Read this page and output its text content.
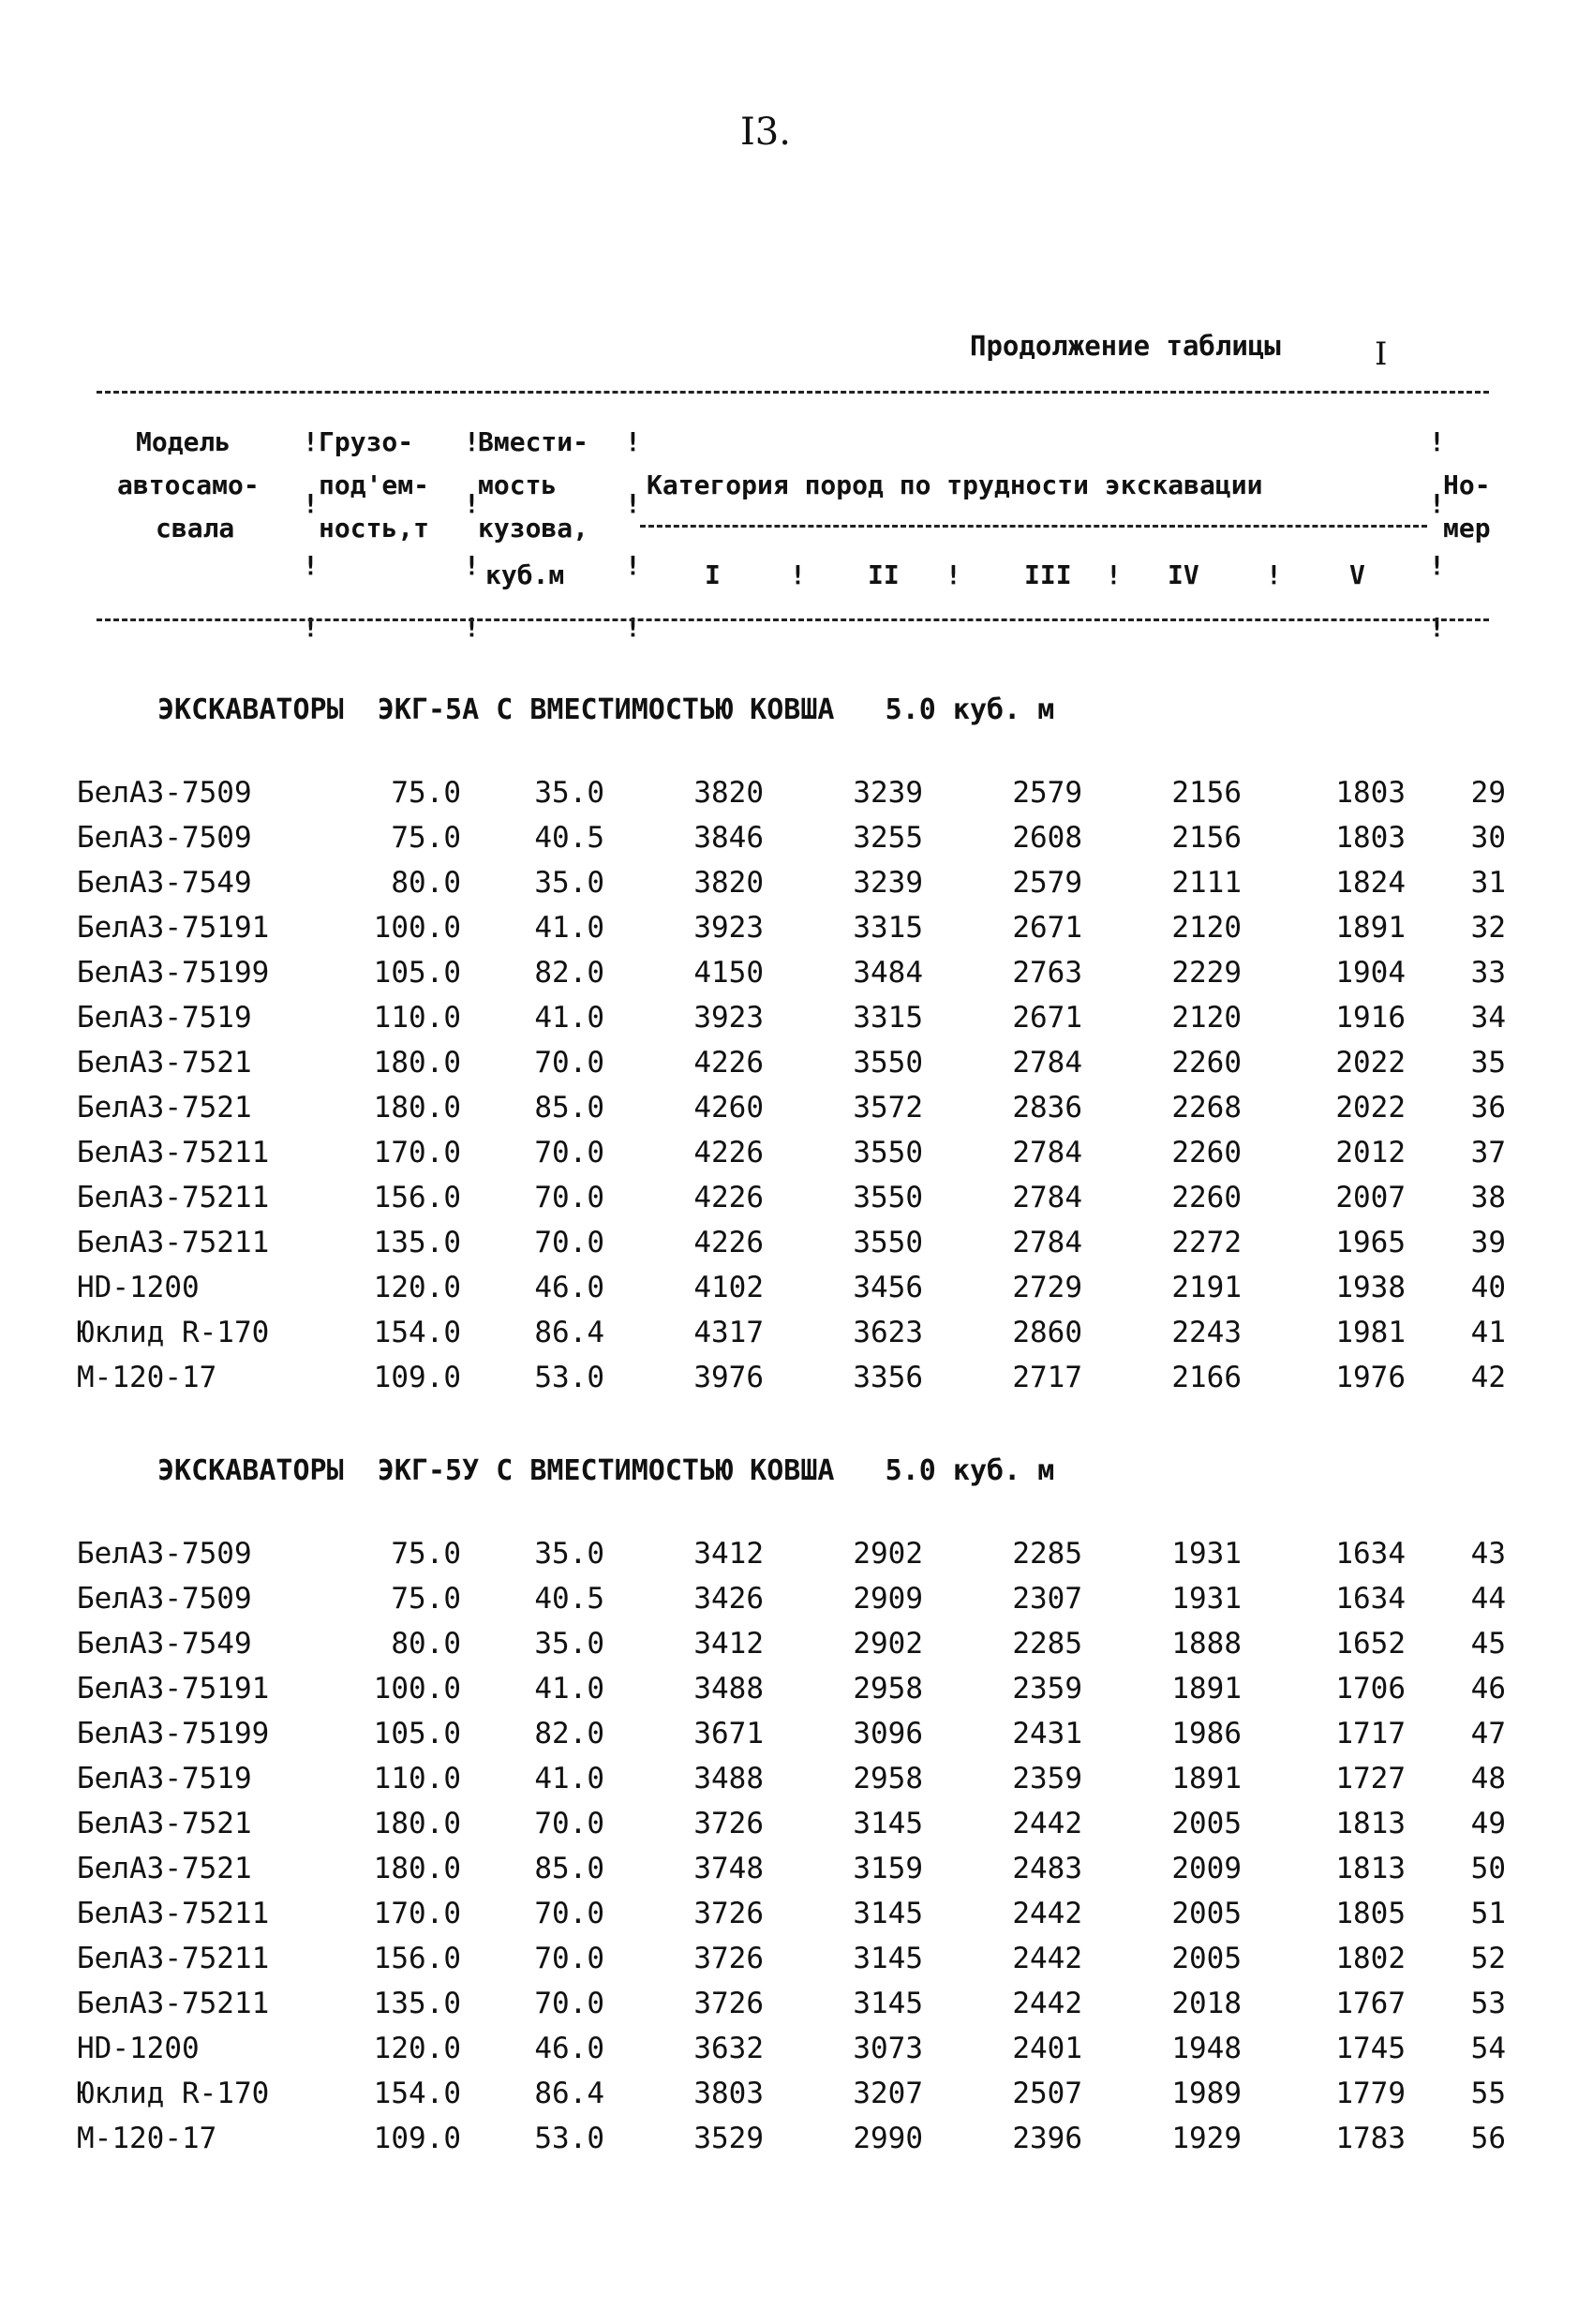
I3.
Продолжение таблицы	I
Модель
автосамо-
свала
Грузо-
под'ем-
ность,т
Вмести-
мость
кузова,
куб.м
Категория пород по трудности экскавации
I	II	III	IV	V
Но-
мер
!

!

!

!
!

!

!

!
!

!

!

!
!

!

!

!
!	!	!	!
ЭКСКАВАТОРЫ  ЭКГ-5А С ВМЕСТИМОСТЬЮ КОВША   5.0 куб. м
ЭКСКАВАТОРЫ  ЭКГ-5У С ВМЕСТИМОСТЬЮ КОВША   5.0 куб. м
БелАЗ-7509	75.0	35.0	3820	3239	2579	2156	1803 29
БелАЗ-7509	75.0	40.5	3846	3255	2608	2156	1803 30
БелАЗ-7549	80.0	35.0	3820	3239	2579	2111	1824 31
БелАЗ-75191	100.0	41.0	3923	3315	2671	2120	1891 32
БелАЗ-75199	105.0	82.0	4150	3484	2763	2229	1904 33
БелАЗ-7519	110.0	41.0	3923	3315	2671	2120	1916 34
БелАЗ-7521	180.0	70.0	4226	3550	2784	2260	2022 35
БелАЗ-7521	180.0	85.0	4260	3572	2836	2268	2022 36
БелАЗ-75211	170.0	70.0	4226	3550	2784	2260	2012 37
БелАЗ-75211	156.0	70.0	4226	3550	2784	2260	2007 38
БелАЗ-75211	135.0	70.0	4226	3550	2784	2272	1965 39
HD-1200	120.0	46.0	4102	3456	2729	2191	1938 40
Юклид R-170	154.0	86.4	4317	3623	2860	2243	1981 41
М-120-17	109.0	53.0	3976	3356	2717	2166	1976 42
БелАЗ-7509	75.0	35.0	3412	2902	2285	1931	1634 43
БелАЗ-7509	75.0	40.5	3426	2909	2307	1931	1634 44
БелАЗ-7549	80.0	35.0	3412	2902	2285	1888	1652 45
БелАЗ-75191	100.0	41.0	3488	2958	2359	1891	1706 46
БелАЗ-75199	105.0	82.0	3671	3096	2431	1986	1717 47
БелАЗ-7519	110.0	41.0	3488	2958	2359	1891	1727 48
БелАЗ-7521	180.0	70.0	3726	3145	2442	2005	1813 49
БелАЗ-7521	180.0	85.0	3748	3159	2483	2009	1813 50
БелАЗ-75211	170.0	70.0	3726	3145	2442	2005	1805 51
БелАЗ-75211	156.0	70.0	3726	3145	2442	2005	1802 52
БелАЗ-75211	135.0	70.0	3726	3145	2442	2018	1767 53
HD-1200	120.0	46.0	3632	3073	2401	1948	1745 54
Юклид R-170	154.0	86.4	3803	3207	2507	1989	1779 55
М-120-17	109.0	53.0	3529	2990	2396	1929	1783 56
